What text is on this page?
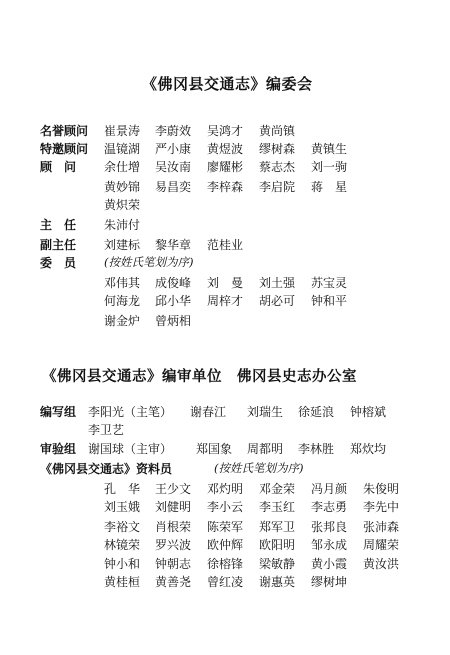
《佛冈县交通志》编委会
名誉顾问 崔景涛 李蔚效 吴鸿才 黄尚镇
特邀顾问 温镜湖 严小康 黄煜波 缪树森 黄镇生
顾　问 余仕增 吴汝南 廖耀彬 蔡志杰 刘一驹
黄妙锦 易昌奕 李梓森 李启院 蒋　星
黄炽荣
主　任 朱沛付
副主任 刘建标 黎华章 范桂业
委　员 (按姓氏笔划为序)
邓伟其 成俊峰 刘　曼 刘土强 苏宝灵
何海龙 邱小华 周梓才 胡必可 钟和平
谢金炉 曾炳相
《佛冈县交通志》编审单位　佛冈县史志办公室
编写组 李阳光（主笔） 谢春江 刘瑞生 徐延浪 钟榕斌
李卫艺
审验组 谢国球（主审） 郑国象 周都明 李林胜 郑炊均
《佛冈县交通志》资料员	(按姓氏笔划为序)
孔　华 王少文 邓灼明 邓金荣 冯月颜 朱俊明
刘玉娥 刘健明 李小云 李玉红 李志勇 李先中
李裕文 肖根荣 陈荣军 郑军卫 张邦良 张沛森
林镜荣 罗兴波 欧仲辉 欧阳明 邹永成 周耀荣
钟小和 钟朝志 徐榕锋 梁敏静 黄小霞 黄汝洪
黄桂桓 黄善尧 曾红凌 谢惠英 缪树坤
